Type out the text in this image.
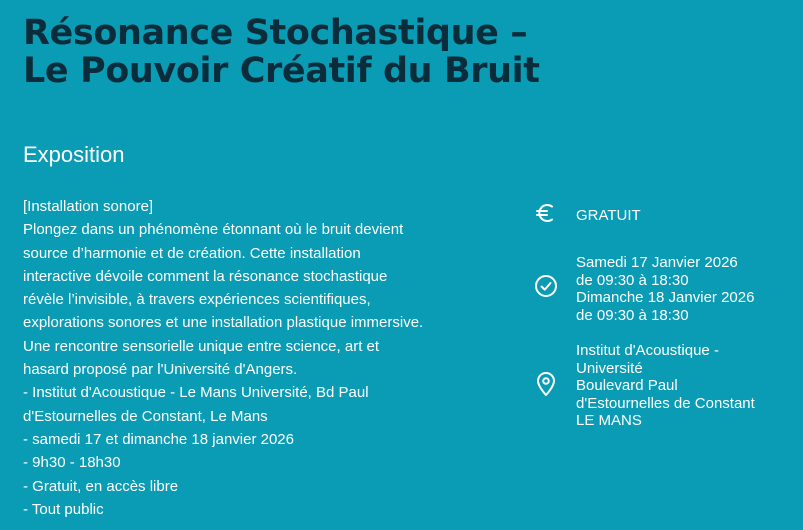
Résonance Stochastique – Le Pouvoir Créatif du Bruit
Exposition
[Installation sonore]
Plongez dans un phénomène étonnant où le bruit devient
source d’harmonie et de création. Cette installation
interactive dévoile comment la résonance stochastique
révèle l’invisible, à travers expériences scientifiques,
explorations sonores et une installation plastique immersive.
Une rencontre sensorielle unique entre science, art et
hasard proposé par l'Université d'Angers.
- Institut d'Acoustique - Le Mans Université, Bd Paul
d'Estournelles de Constant, Le Mans
- samedi 17 et dimanche 18 janvier 2026
- 9h30 - 18h30
- Gratuit, en accès libre
- Tout public
GRATUIT
Samedi 17 Janvier 2026
de 09:30 à 18:30
Dimanche 18 Janvier 2026
de 09:30 à 18:30
Institut d'Acoustique -
Université
Boulevard Paul
d'Estournelles de Constant
LE MANS
